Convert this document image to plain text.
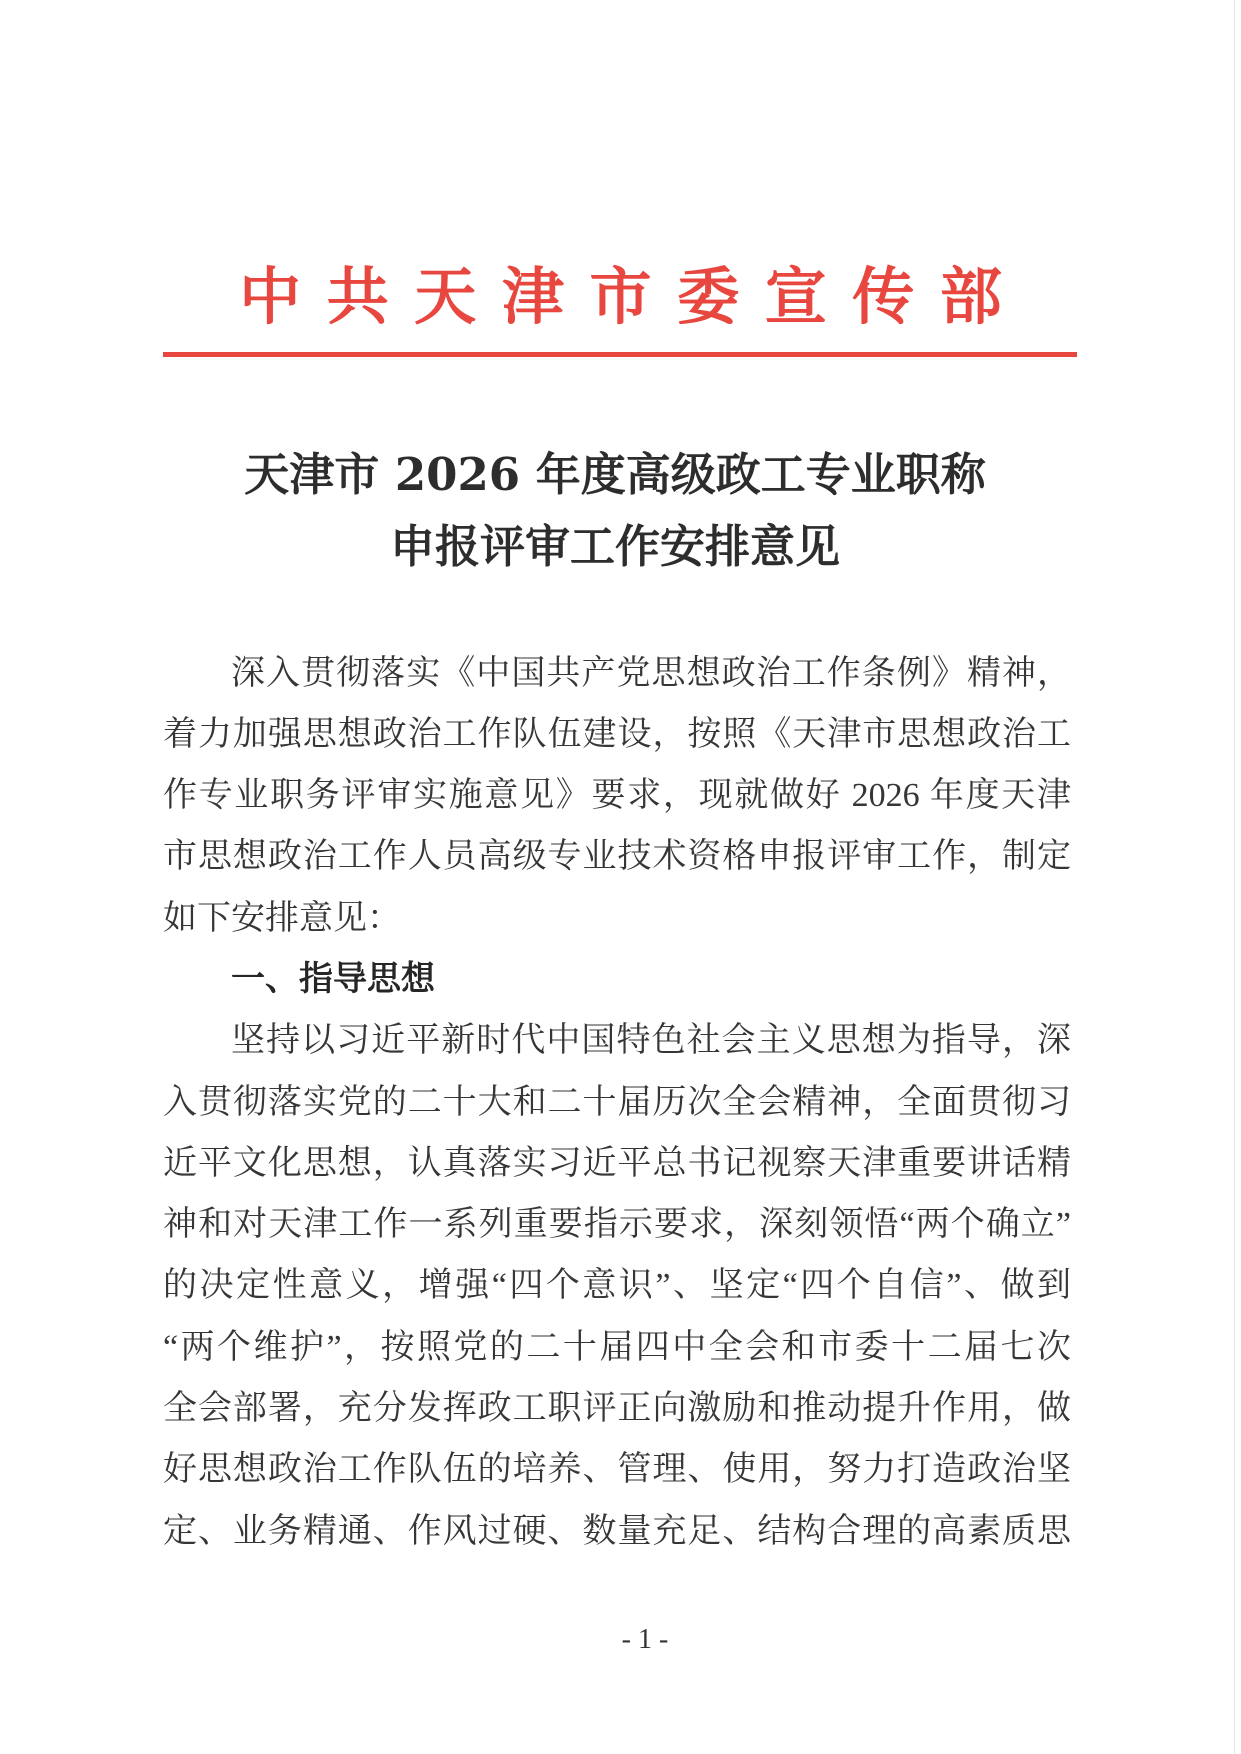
中共天津市委宣传部
天津市 2026 年度高级政工专业职称
申报评审工作安排意见
深入贯彻落实《中国共产党思想政治工作条例》精神，
着力加强思想政治工作队伍建设，按照《天津市思想政治工
作专业职务评审实施意见》要求，现就做好 2026 年度天津
市思想政治工作人员高级专业技术资格申报评审工作，制定
如下安排意见：
一、指导思想
坚持以习近平新时代中国特色社会主义思想为指导，深
入贯彻落实党的二十大和二十届历次全会精神，全面贯彻习
近平文化思想，认真落实习近平总书记视察天津重要讲话精
神和对天津工作一系列重要指示要求，深刻领悟“两个确立”
的决定性意义，增强“四个意识”、坚定“四个自信”、做到
“两个维护”，按照党的二十届四中全会和市委十二届七次
全会部署，充分发挥政工职评正向激励和推动提升作用，做
好思想政治工作队伍的培养、管理、使用，努力打造政治坚
定、业务精通、作风过硬、数量充足、结构合理的高素质思
- 1 -
